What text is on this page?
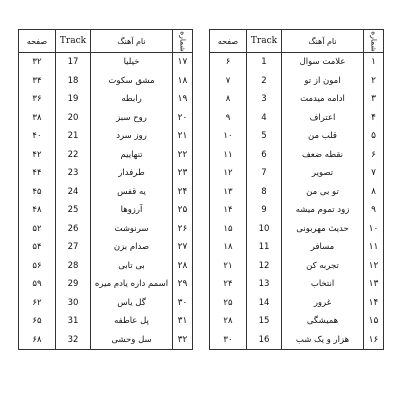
صفحه	Track	نام آهنگ	شماره
۶	1	علامت سوال	۱
۷	2	امون از تو	۲
۸	3	ادامه میدمت	۳
۹	4	اعتراف	۴
۱۰	5	قلب من	۵
۱۱	6	نقطه ضعف	۶
۱۲	7	تصویر	۷
۱۳	8	تو بی من	۸
۱۴	9	زود تموم میشه	۹
۱۵	10	حدیث مهربونی	۱۰
۱۸	11	مسافر	۱۱
۲۱	12	تجربه کن	۱۲
۲۴	13	انتخاب	۱۳
۲۵	14	غرور	۱۴
۲۸	15	همیشگی	۱۵
۳۰	16	هزار و یک شب	۱۶
صفحه	Track	نام آهنگ	شماره
۳۲	17	خیلیا	۱۷
۳۴	18	مشق سکوت	۱۸
۳۶	19	رابطه	۱۹
۳۸	20	روح سبز	۲۰
۴۰	21	روز سرد	۲۱
۴۲	22	تنهاییم	۲۲
۴۴	23	طرفدار	۲۳
۴۵	24	یه قفس	۲۴
۴۸	25	آرزوها	۲۵
۵۲	26	سرنوشت	۲۶
۵۴	27	صدام بزن	۲۷
۵۶	28	بی تابی	۲۸
۵۹	29	اسمم داره یادم میره	۲۹
۶۲	30	گل یاس	۳۰
۶۵	31	پل عاطفه	۳۱
۶۸	32	سل وحشی	۳۲
